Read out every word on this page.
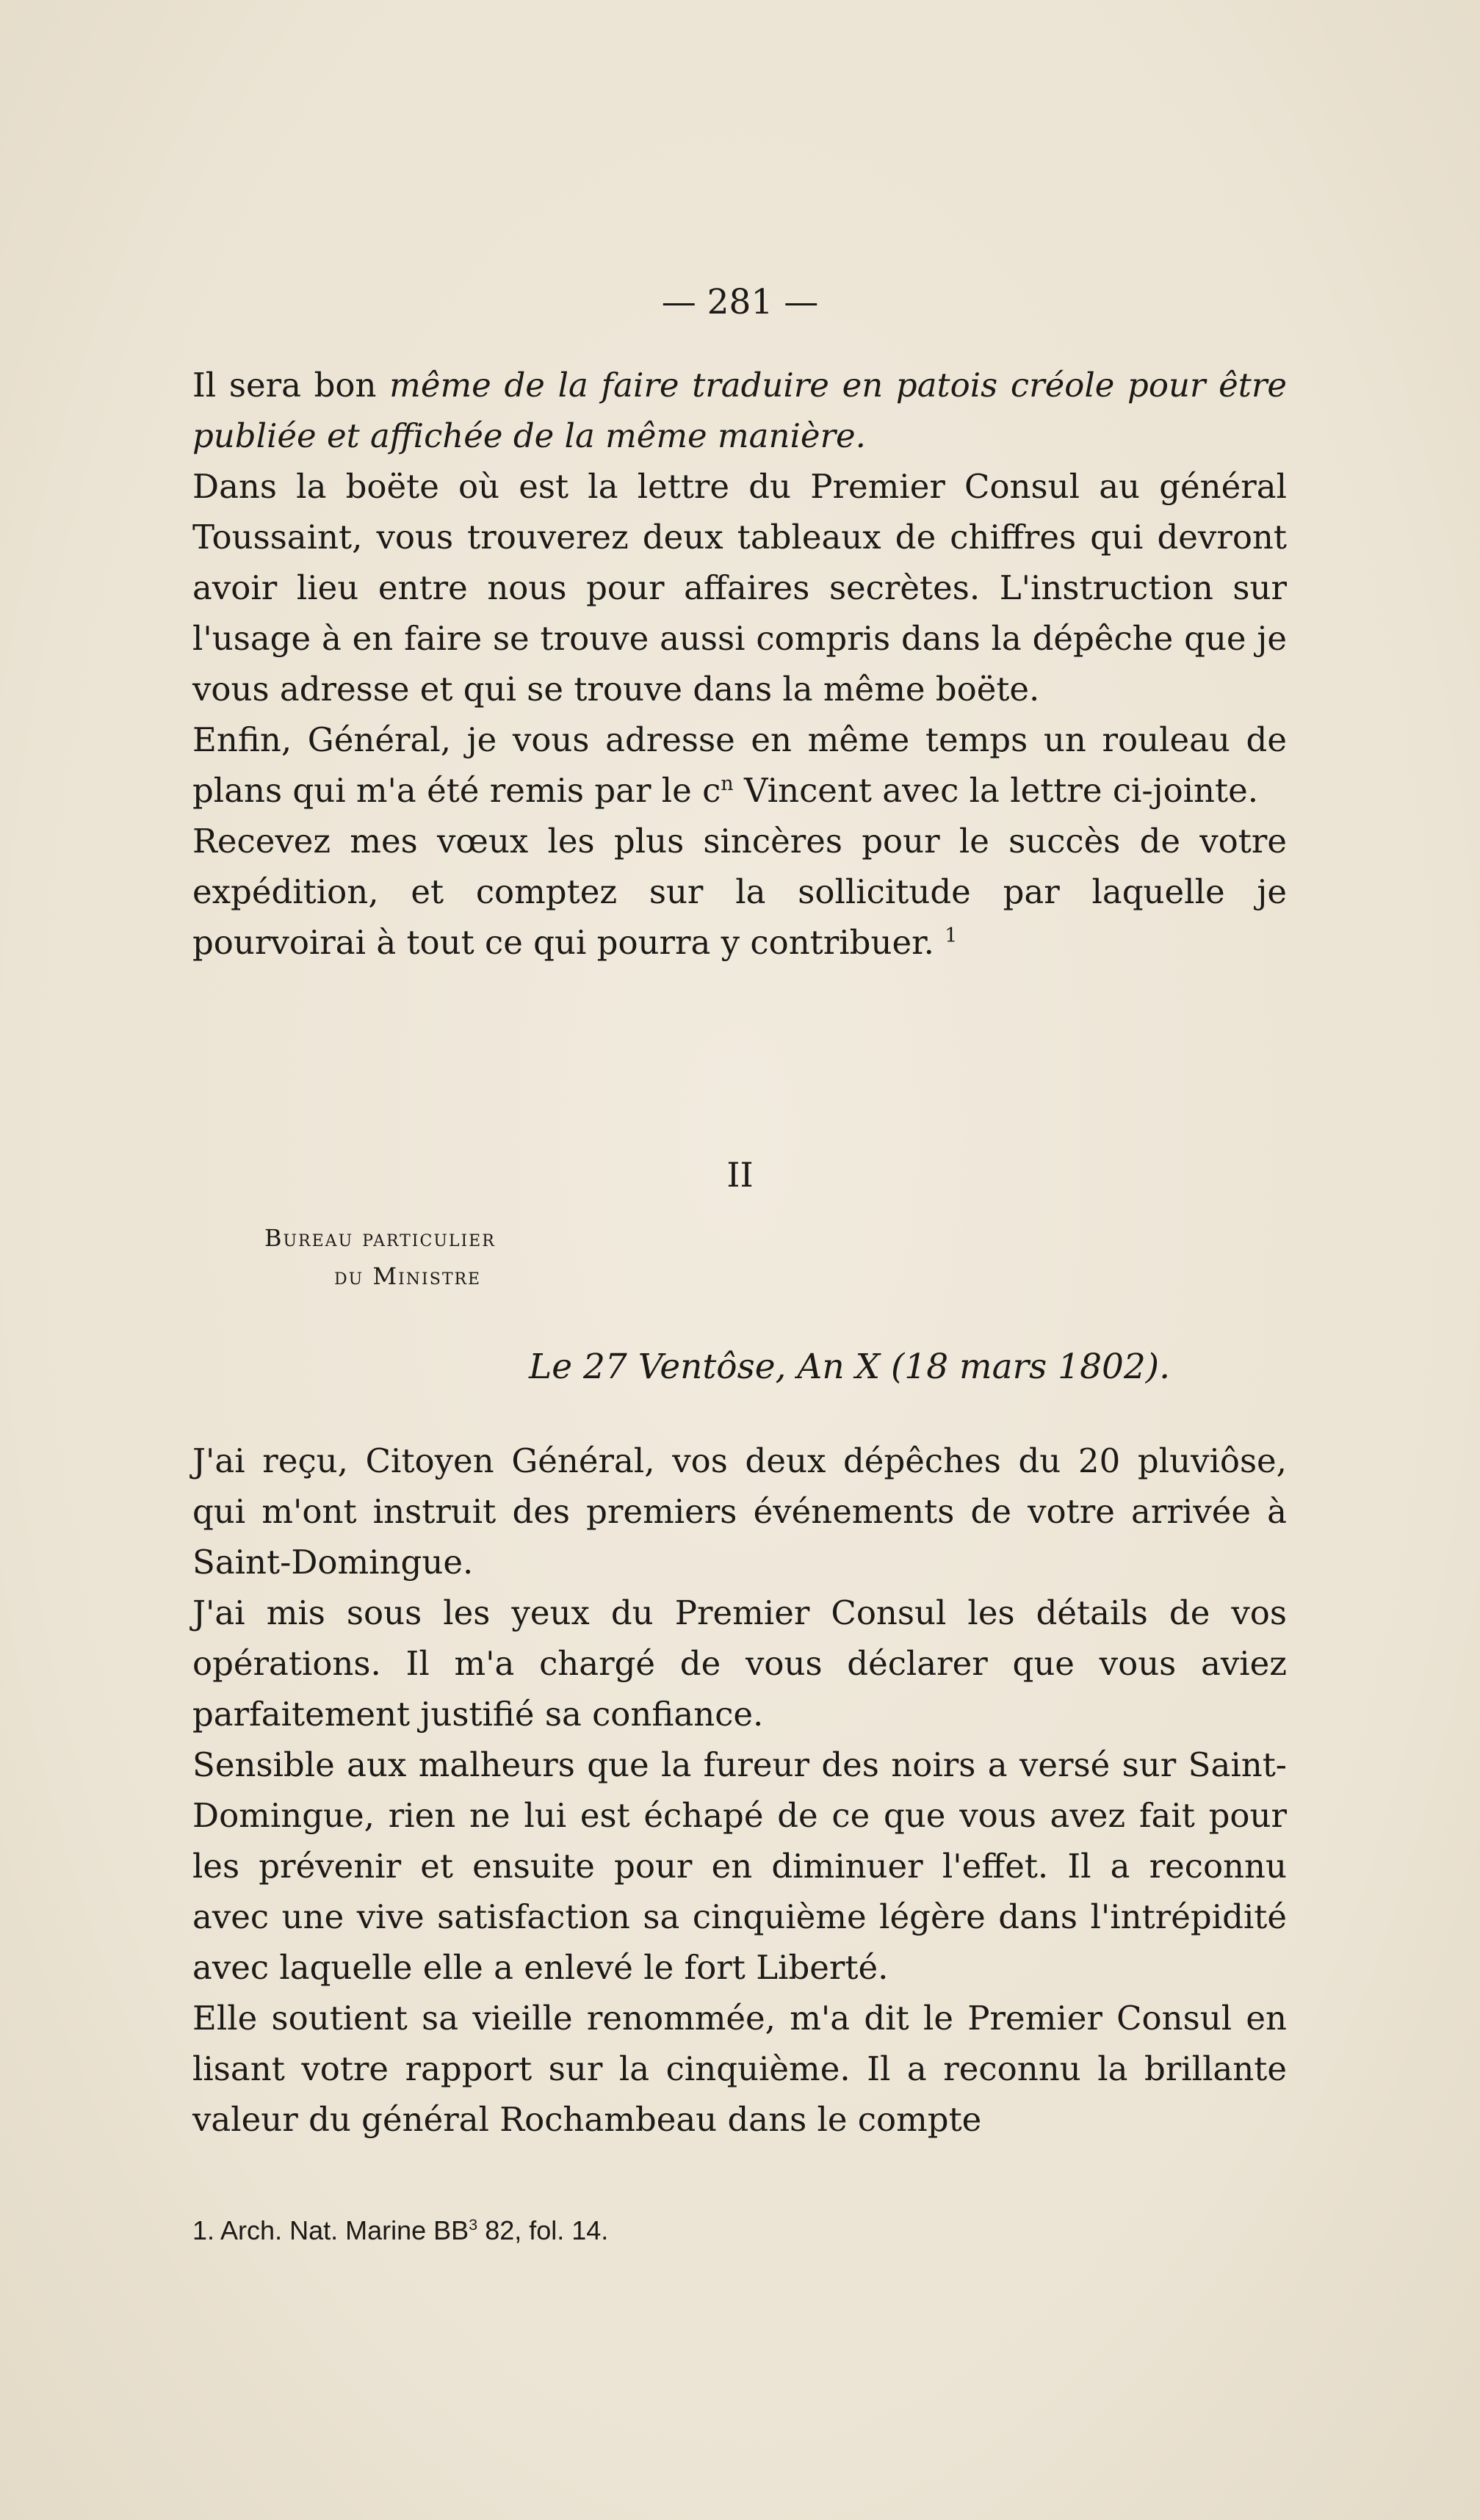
— 281 —

Il sera bon même de la faire traduire en patois créole pour être publiée et affichée de la même manière.

Dans la boëte où est la lettre du Premier Consul au général Toussaint, vous trouverez deux tableaux de chiffres qui devront avoir lieu entre nous pour affaires secrètes. L'instruction sur l'usage à en faire se trouve aussi compris dans la dépêche que je vous adresse et qui se trouve dans la même boëte.

Enfin, Général, je vous adresse en même temps un rouleau de plans qui m'a été remis par le $c^n$ Vincent avec la lettre ci-jointe.

Recevez mes vœux les plus sincères pour le succès de votre expédition, et comptez sur la sollicitude par laquelle je pourvoirai à tout ce qui pourra y contribuer. $^1$

II
Bureau particulier
du Ministre
Le 27 Ventôse, An X (18 mars 1802).

J'ai reçu, Citoyen Général, vos deux dépêches du 20 pluviôse, qui m'ont instruit des premiers événements de votre arrivée à Saint-Domingue.

J'ai mis sous les yeux du Premier Consul les détails de vos opérations. Il m'a chargé de vous déclarer que vous aviez parfaitement justifié sa confiance.

Sensible aux malheurs que la fureur des noirs a versé sur Saint-Domingue, rien ne lui est échapé de ce que vous avez fait pour les prévenir et ensuite pour en diminuer l'effet. Il a reconnu avec une vive satisfaction sa cinquième légère dans l'intrépidité avec laquelle elle a enlevé le fort Liberté.

Elle soutient sa vieille renommée, m'a dit le Premier Consul en lisant votre rapport sur la cinquième. Il a reconnu la brillante valeur du général Rochambeau dans le compte

1. Arch. Nat. Marine $BB^3$ 82, fol. 14.
